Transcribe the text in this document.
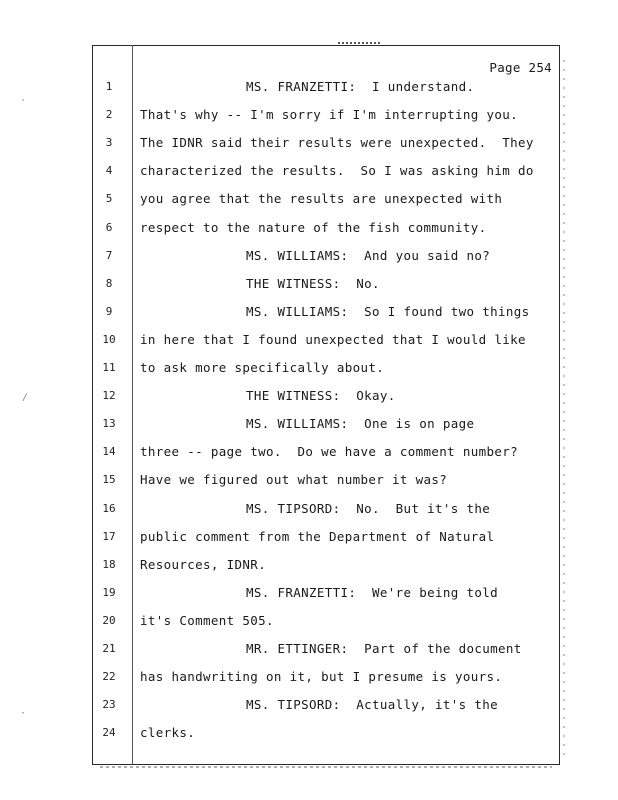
·
/
·
Page 254
1	MS. FRANZETTI:  I understand.
2	That's why -- I'm sorry if I'm interrupting you.
3	The IDNR said their results were unexpected.  They
4	characterized the results.  So I was asking him do
5	you agree that the results are unexpected with
6	respect to the nature of the fish community.
7	MS. WILLIAMS:  And you said no?
8	THE WITNESS:  No.
9	MS. WILLIAMS:  So I found two things
10	in here that I found unexpected that I would like
11	to ask more specifically about.
12	THE WITNESS:  Okay.
13	MS. WILLIAMS:  One is on page
14	three -- page two.  Do we have a comment number?
15	Have we figured out what number it was?
16	MS. TIPSORD:  No.  But it's the
17	public comment from the Department of Natural
18	Resources, IDNR.
19	MS. FRANZETTI:  We're being told
20	it's Comment 505.
21	MR. ETTINGER:  Part of the document
22	has handwriting on it, but I presume is yours.
23	MS. TIPSORD:  Actually, it's the
24	clerks.
